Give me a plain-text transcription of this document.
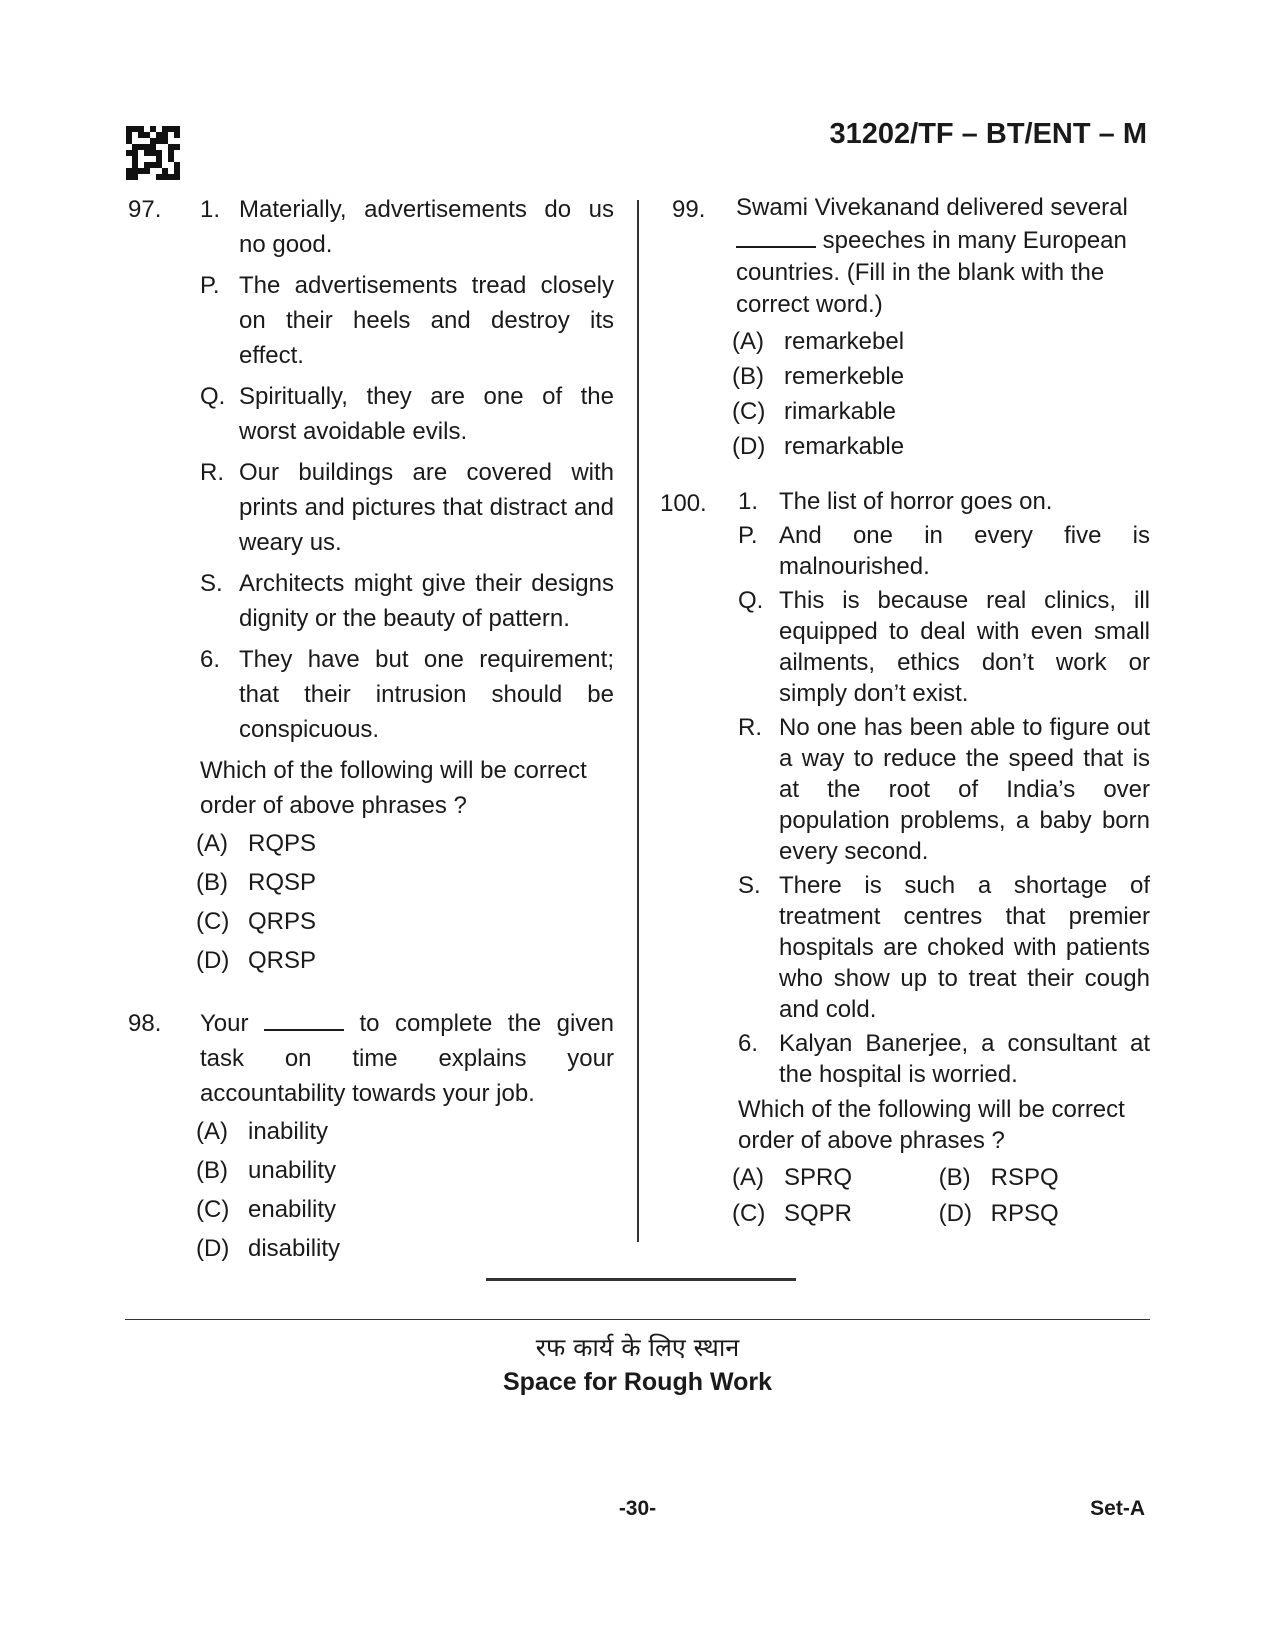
31202/TF – BT/ENT – M
97. 1. Materially, advertisements do us no good.
P. The advertisements tread closely on their heels and destroy its effect.
Q. Spiritually, they are one of the worst avoidable evils.
R. Our buildings are covered with prints and pictures that distract and weary us.
S. Architects might give their designs dignity or the beauty of pattern.
6. They have but one requirement; that their intrusion should be conspicuous.
Which of the following will be correct order of above phrases ?
(A) RQPS
(B) RQSP
(C) QRPS
(D) QRSP
98.	Your	to complete the given task on time explains your accountability towards your job.
(A) inability
(B) unability
(C) enability
(D) disability
99. Swami Vivekanand delivered several
speeches in many European
countries. (Fill in the blank with the
correct word.)
(A) remarkebel
(B) remerkeble
(C) rimarkable
(D) remarkable
100. 1. The list of horror goes on.
P. And one in every five is malnourished.
Q. This is because real clinics, ill equipped to deal with even small ailments, ethics don’t work or simply don’t exist.
R. No one has been able to figure out a way to reduce the speed that is at the root of India’s over population problems, a baby born every second.
S. There is such a shortage of treatment centres that premier hospitals are choked with patients who show up to treat their cough and cold.
6. Kalyan Banerjee, a consultant at the hospital is worried.
Which of the following will be correct order of above phrases ?
(A) SPRQ	(B) RSPQ
(C) SQPR	(D) RPSQ
रफ कार्य के लिए स्थान
Space for Rough Work
-30-	Set-A
